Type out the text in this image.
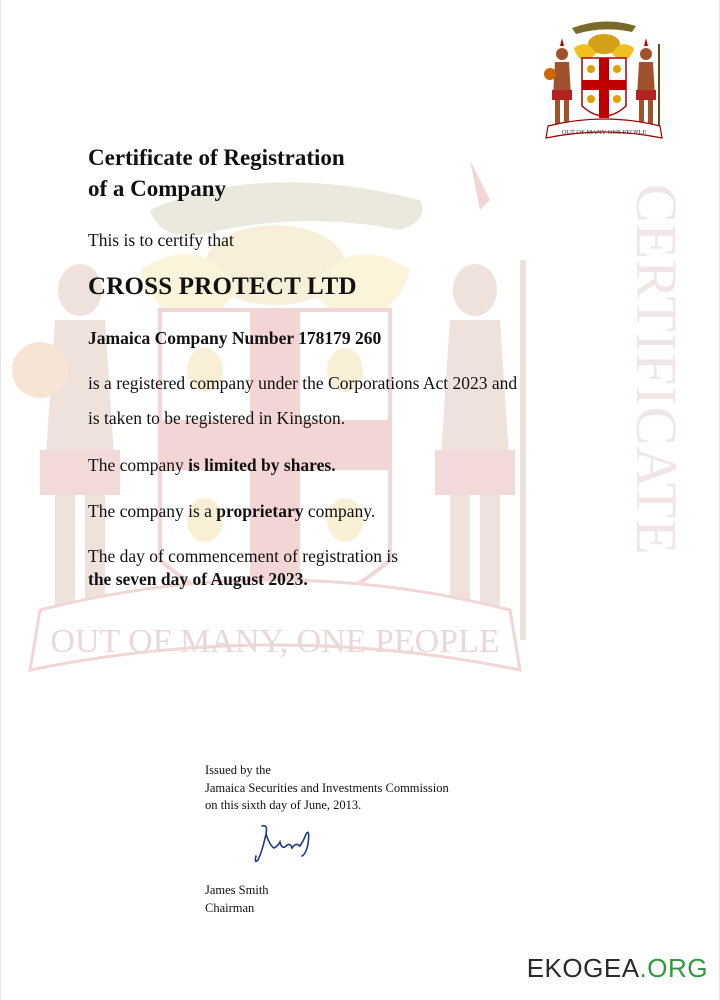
OUT OF MANY, ONE PEOPLE
CERTIFICATE
OUT OF MANY ONE PEOPLE
Certificate of Registration
of a Company

This is to certify that

CROSS PROTECT LTD

Jamaica Company Number 178179 260

is a registered company under the Corporations Act 2023 and

is taken to be registered in Kingston.

The company is limited by shares.

The company is a proprietary company.

The day of commencement of registration is

the seven day of August 2023.

Issued by the
Jamaica Securities and Investments Commission
on this sixth day of June, 2013.
James Smith
Chairman
EKOGEA.ORG
